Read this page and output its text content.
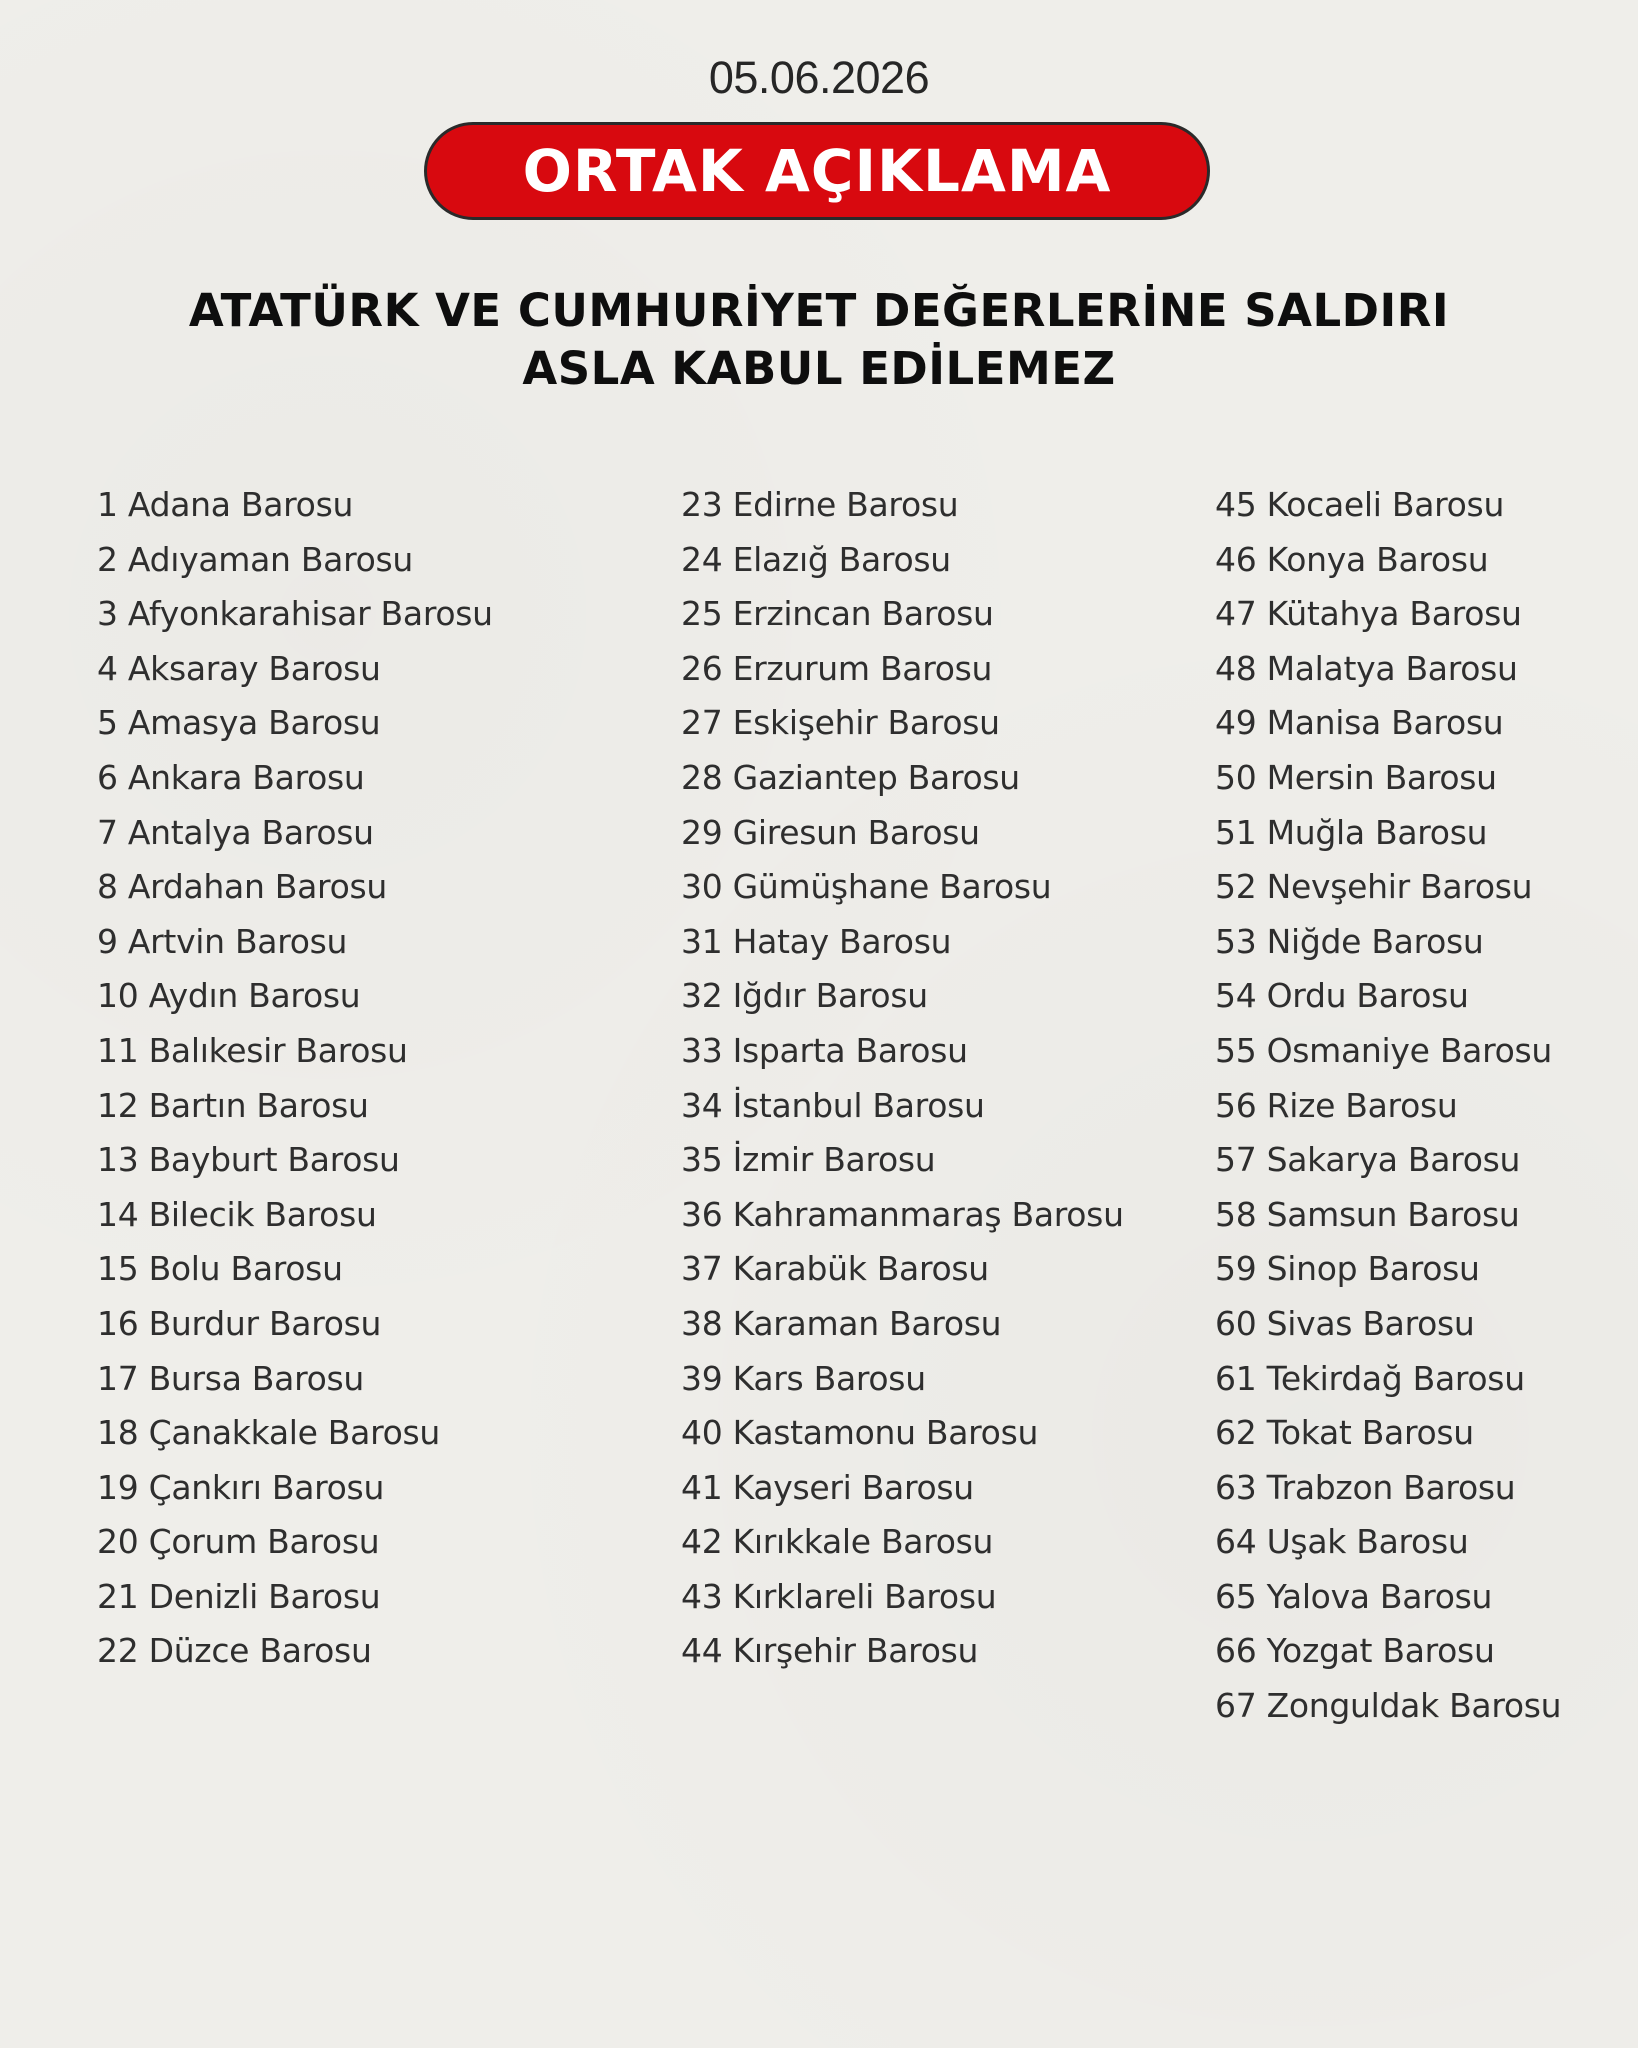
05.06.2026
ORTAK AÇIKLAMA
ATATÜRK VE CUMHURİYET DEĞERLERİNE SALDIRI
ASLA KABUL EDİLEMEZ
1 Adana Barosu
2 Adıyaman Barosu
3 Afyonkarahisar Barosu
4 Aksaray Barosu
5 Amasya Barosu
6 Ankara Barosu
7 Antalya Barosu
8 Ardahan Barosu
9 Artvin Barosu
10 Aydın Barosu
11 Balıkesir Barosu
12 Bartın Barosu
13 Bayburt Barosu
14 Bilecik Barosu
15 Bolu Barosu
16 Burdur Barosu
17 Bursa Barosu
18 Çanakkale Barosu
19 Çankırı Barosu
20 Çorum Barosu
21 Denizli Barosu
22 Düzce Barosu
23 Edirne Barosu
24 Elazığ Barosu
25 Erzincan Barosu
26 Erzurum Barosu
27 Eskişehir Barosu
28 Gaziantep Barosu
29 Giresun Barosu
30 Gümüşhane Barosu
31 Hatay Barosu
32 Iğdır Barosu
33 Isparta Barosu
34 İstanbul Barosu
35 İzmir Barosu
36 Kahramanmaraş Barosu
37 Karabük Barosu
38 Karaman Barosu
39 Kars Barosu
40 Kastamonu Barosu
41 Kayseri Barosu
42 Kırıkkale Barosu
43 Kırklareli Barosu
44 Kırşehir Barosu
45 Kocaeli Barosu
46 Konya Barosu
47 Kütahya Barosu
48 Malatya Barosu
49 Manisa Barosu
50 Mersin Barosu
51 Muğla Barosu
52 Nevşehir Barosu
53 Niğde Barosu
54 Ordu Barosu
55 Osmaniye Barosu
56 Rize Barosu
57 Sakarya Barosu
58 Samsun Barosu
59 Sinop Barosu
60 Sivas Barosu
61 Tekirdağ Barosu
62 Tokat Barosu
63 Trabzon Barosu
64 Uşak Barosu
65 Yalova Barosu
66 Yozgat Barosu
67 Zonguldak Barosu
